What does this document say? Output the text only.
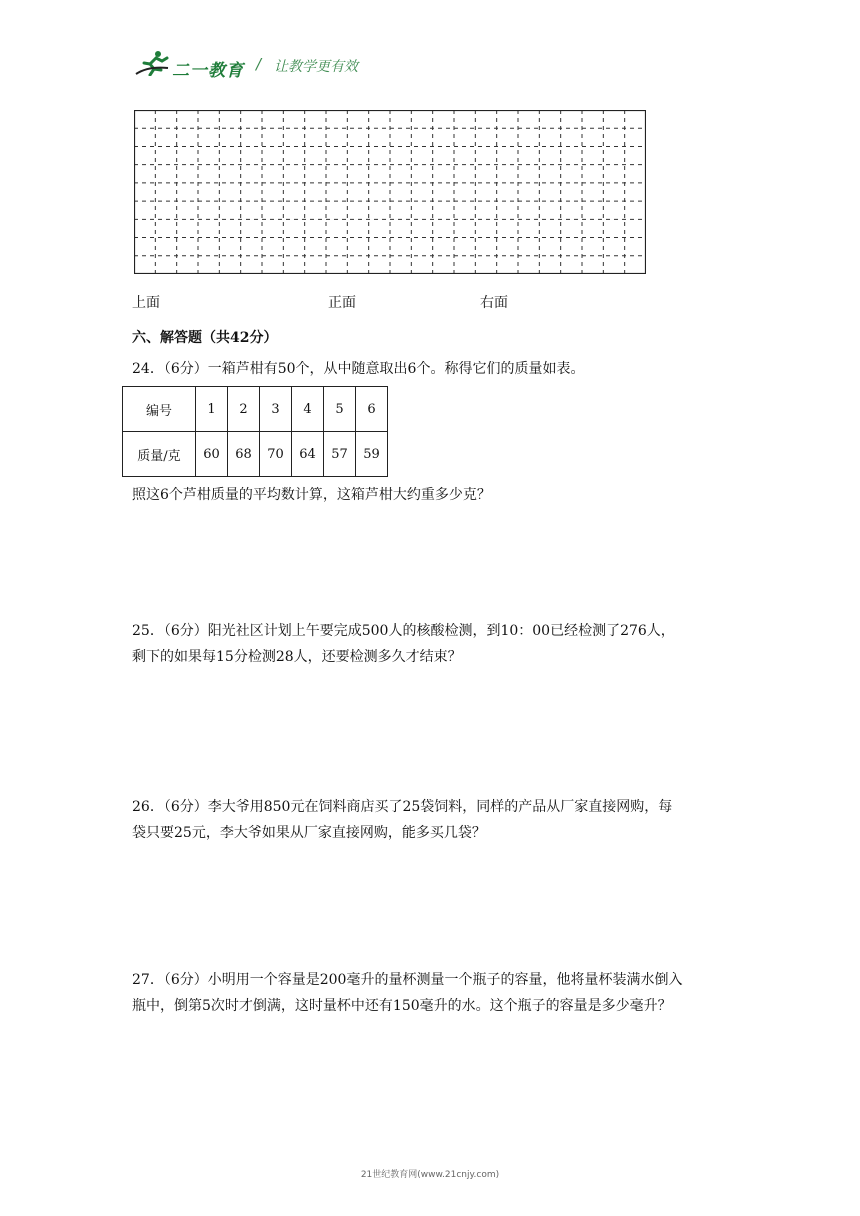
二一教育 / 让教学更有效
上面	正面	右面
六、解答题（共42分）
24．（6分）一箱芦柑有50个，从中随意取出6个。称得它们的质量如表。
编号	1	2	3	4	5	6
质量/克	60	68	70	64	57	59
照这6个芦柑质量的平均数计算，这箱芦柑大约重多少克？
25．（6分）阳光社区计划上午要完成500人的核酸检测，到10：00已经检测了276人，
剩下的如果每15分检测28人，还要检测多久才结束？
26．（6分）李大爷用850元在饲料商店买了25袋饲料，同样的产品从厂家直接网购，每
袋只要25元，李大爷如果从厂家直接网购，能多买几袋？
27．（6分）小明用一个容量是200毫升的量杯测量一个瓶子的容量，他将量杯装满水倒入
瓶中，倒第5次时才倒满，这时量杯中还有150毫升的水。这个瓶子的容量是多少毫升？
21世纪教育网(www.21cnjy.com)
